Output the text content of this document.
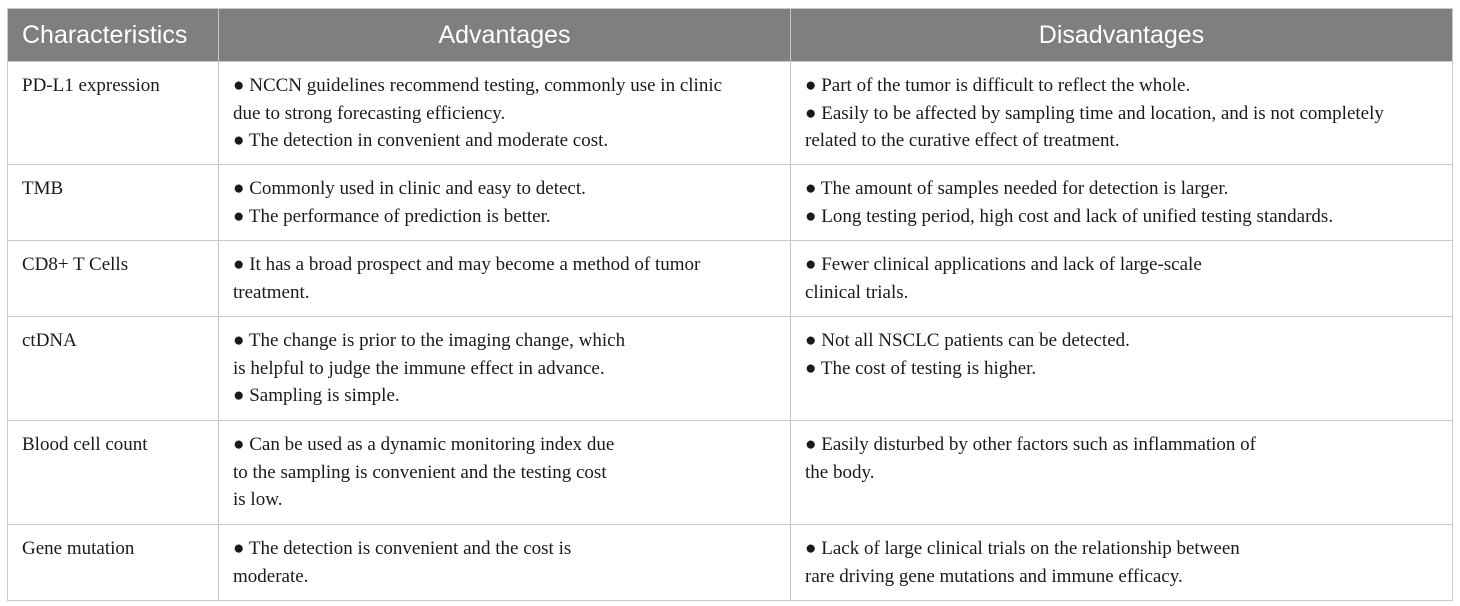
Characteristics	Advantages	Disadvantages
PD-L1 expression	● NCCN guidelines recommend testing, commonly use in clinic
due to strong forecasting efficiency.
● The detection in convenient and moderate cost.	● Part of the tumor is difficult to reflect the whole.
● Easily to be affected by sampling time and location, and is not completely
related to the curative effect of treatment.

TMB	● Commonly used in clinic and easy to detect.
● The performance of prediction is better.	● The amount of samples needed for detection is larger.
● Long testing period, high cost and lack of unified testing standards.

CD8+ T Cells	● It has a broad prospect and may become a method of tumor
treatment.	● Fewer clinical applications and lack of large-scale
clinical trials.

ctDNA	● The change is prior to the imaging change, which
is helpful to judge the immune effect in advance.
● Sampling is simple.	● Not all NSCLC patients can be detected.
● The cost of testing is higher.

Blood cell count	● Can be used as a dynamic monitoring index due
to the sampling is convenient and the testing cost
is low.	● Easily disturbed by other factors such as inflammation of
the body.

Gene mutation	● The detection is convenient and the cost is
moderate.	● Lack of large clinical trials on the relationship between
rare driving gene mutations and immune efficacy.
